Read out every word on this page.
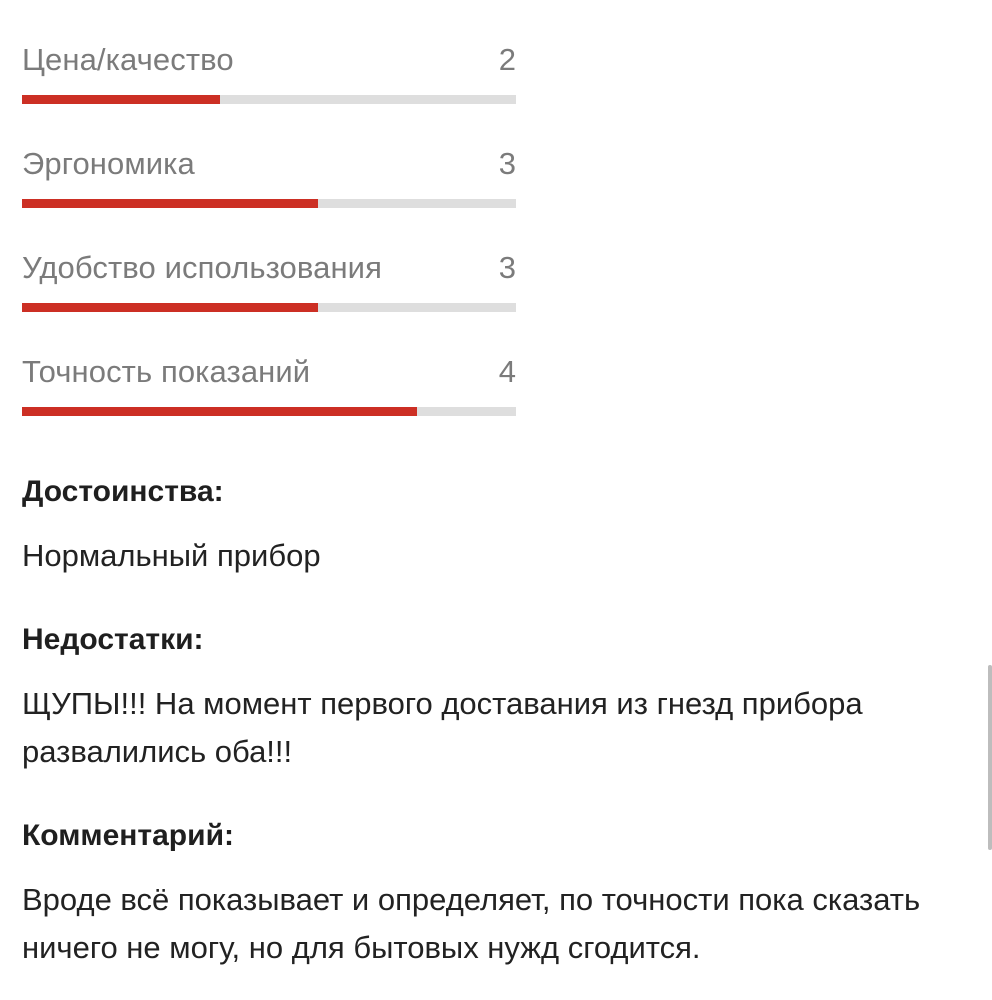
Цена/качество	2
Эргономика	3
Удобство использования	3
Точность показаний	4
Достоинства:

Нормальный прибор

Недостатки:

ЩУПЫ!!! На момент первого доставания из гнезд прибора развалились оба!!!

Комментарий:

Вроде всё показывает и определяет, по точности пока сказать ничего не могу, но для бытовых нужд сгодится.
